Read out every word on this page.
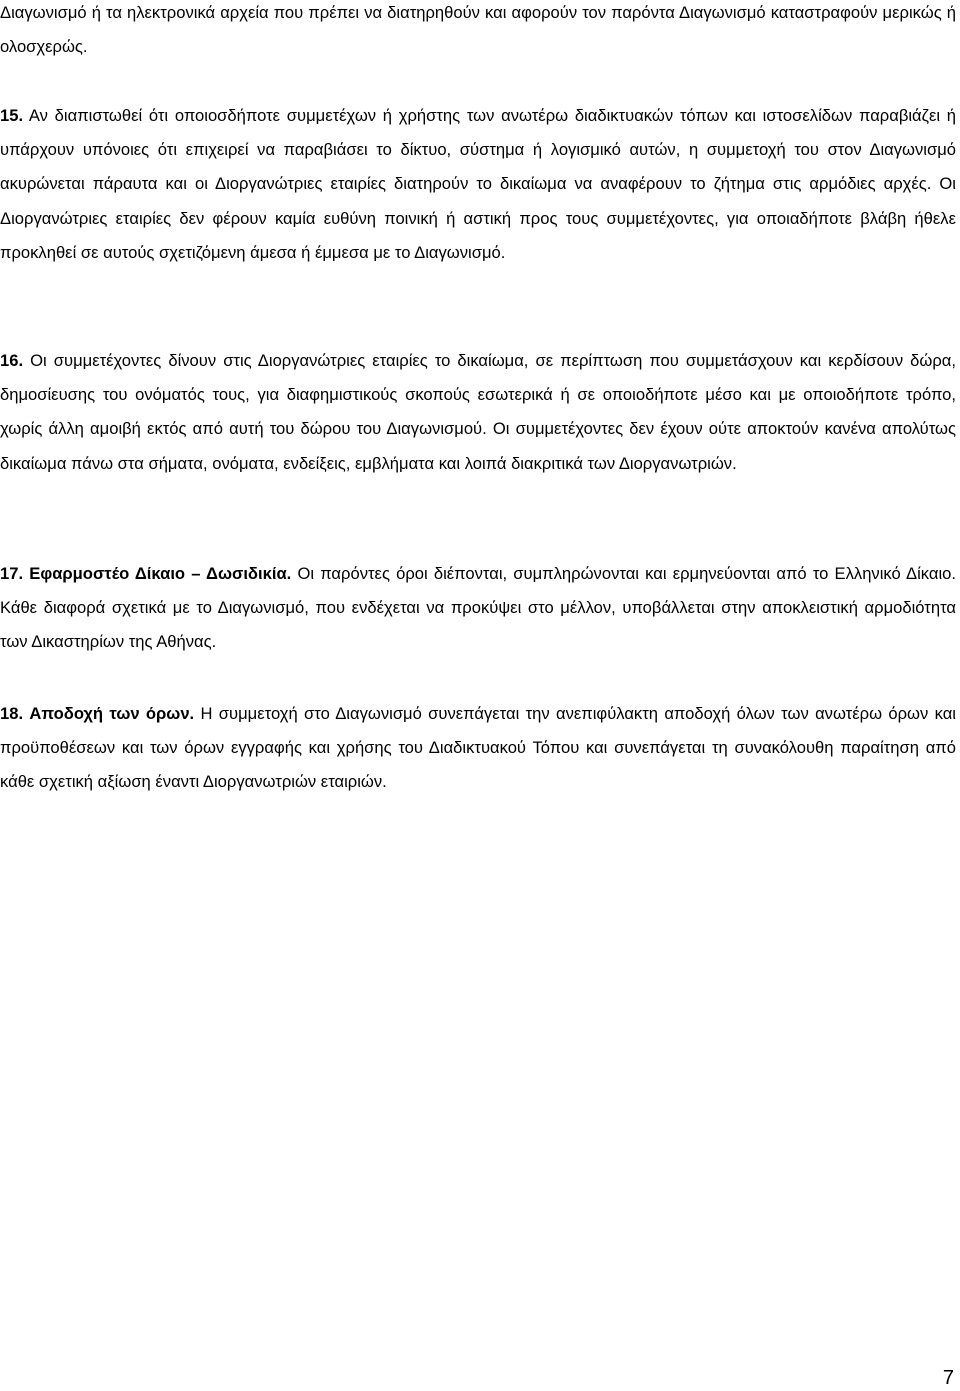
Διαγωνισμό ή τα ηλεκτρονικά αρχεία που πρέπει να διατηρηθούν και αφορούν τον παρόντα Διαγωνισμό καταστραφούν μερικώς ή ολοσχερώς.

15. Αν διαπιστωθεί ότι οποιοσδήποτε συμμετέχων ή χρήστης των ανωτέρω διαδικτυακών τόπων και ιστοσελίδων παραβιάζει ή υπάρχουν υπόνοιες ότι επιχειρεί να παραβιάσει το δίκτυο, σύστημα ή λογισμικό αυτών, η συμμετοχή του στον Διαγωνισμό ακυρώνεται πάραυτα και οι Διοργανώτριες εταιρίες διατηρούν το δικαίωμα να αναφέρουν το ζήτημα στις αρμόδιες αρχές. Οι Διοργανώτριες εταιρίες δεν φέρουν καμία ευθύνη ποινική ή αστική προς τους συμμετέχοντες, για οποιαδήποτε βλάβη ήθελε προκληθεί σε αυτούς σχετιζόμενη άμεσα ή έμμεσα με το Διαγωνισμό.

16. Οι συμμετέχοντες δίνουν στις Διοργανώτριες εταιρίες το δικαίωμα, σε περίπτωση που συμμετάσχουν και κερδίσουν δώρα, δημοσίευσης του ονόματός τους, για διαφημιστικούς σκοπούς εσωτερικά ή σε οποιοδήποτε μέσο και με οποιοδήποτε τρόπο, χωρίς άλλη αμοιβή εκτός από αυτή του δώρου του Διαγωνισμού. Οι συμμετέχοντες δεν έχουν ούτε αποκτούν κανένα απολύτως δικαίωμα πάνω στα σήματα, ονόματα, ενδείξεις, εμβλήματα και λοιπά διακριτικά των Διοργανωτριών.

17. Εφαρμοστέο Δίκαιο – Δωσιδικία. Οι παρόντες όροι διέπονται, συμπληρώνονται και ερμηνεύονται από το Ελληνικό Δίκαιο. Κάθε διαφορά σχετικά με το Διαγωνισμό, που ενδέχεται να προκύψει στο μέλλον, υποβάλλεται στην αποκλειστική αρμοδιότητα των Δικαστηρίων της Αθήνας.

18. Αποδοχή των όρων. Η συμμετοχή στο Διαγωνισμό συνεπάγεται την ανεπιφύλακτη αποδοχή όλων των ανωτέρω όρων και προϋποθέσεων και των όρων εγγραφής και χρήσης του Διαδικτυακού Τόπου και συνεπάγεται τη συνακόλουθη παραίτηση από κάθε σχετική αξίωση έναντι Διοργανωτριών εταιριών.

7
